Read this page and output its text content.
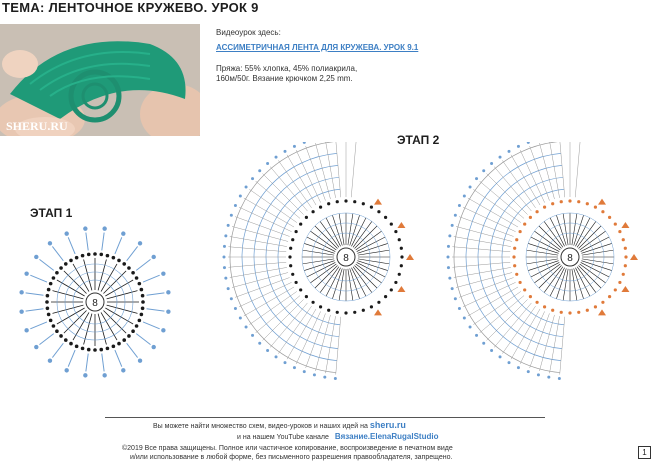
ТЕМА: ЛЕНТОЧНОЕ КРУЖЕВО. УРОК 9
SHERU.RU
Видеоурок здесь:
АССИМЕТРИЧНАЯ ЛЕНТА ДЛЯ КРУЖЕВА. УРОК 9.1
Пряжа: 55% хлопка, 45% полиакрила,
160м/50г. Вязание крючком 2,25 mm.
ЭТАП 1
ЭТАП 2
8
8	8
Вы можете найти множество схем, видео-уроков и наших идей на sheru.ru
и на нашем YouTube канале Вязание.ElenaRugalStudio
©2019 Все права защищены. Полное или частичное копирование, воспроизведение в печатном виде
и/или использование в любой форме, без письменного разрешения правообладателя, запрещено.
1
